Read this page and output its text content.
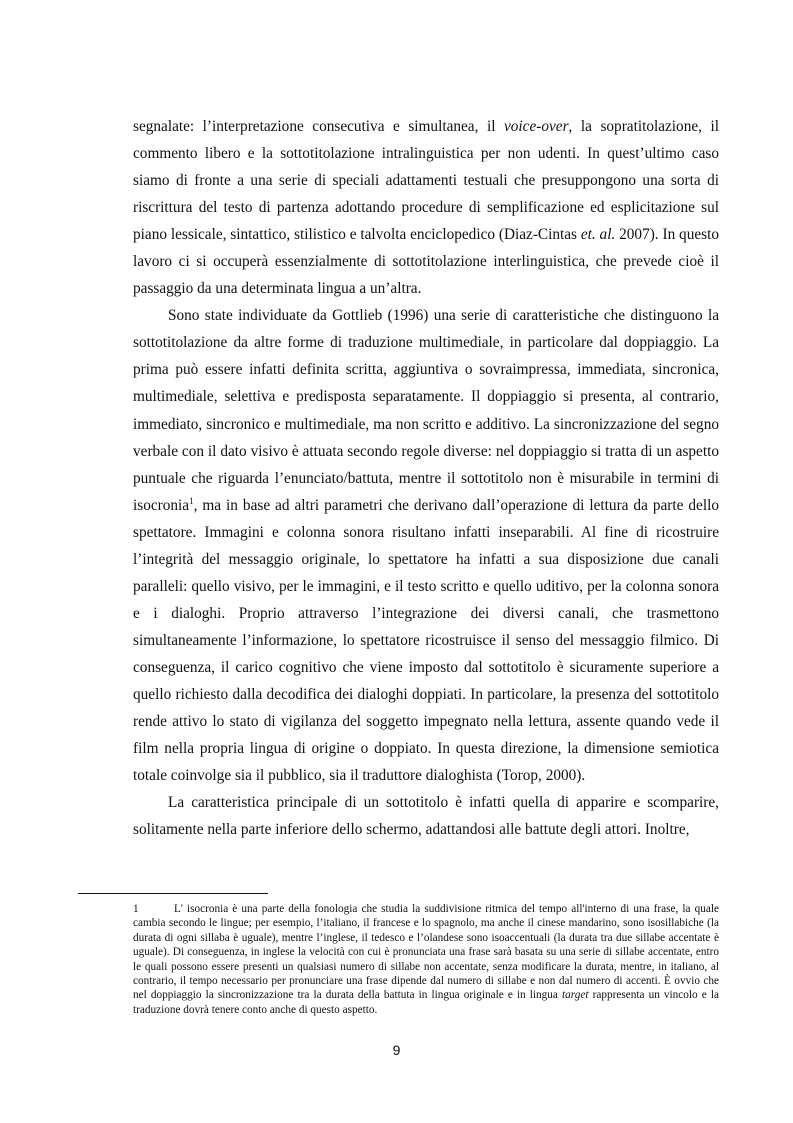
segnalate: l’interpretazione consecutiva e simultanea, il voice-over, la sopratitolazione, il commento libero e la sottotitolazione intralinguistica per non udenti. In quest’ultimo caso siamo di fronte a una serie di speciali adattamenti testuali che presuppongono una sorta di riscrittura del testo di partenza adottando procedure di semplificazione ed esplicitazione sul piano lessicale, sintattico, stilistico e talvolta enciclopedico (Diaz-Cintas et. al. 2007). In questo lavoro ci si occuperà essenzialmente di sottotitolazione interlinguistica, che prevede cioè il passaggio da una determinata lingua a un’altra.

Sono state individuate da Gottlieb (1996) una serie di caratteristiche che distinguono la sottotitolazione da altre forme di traduzione multimediale, in particolare dal doppiaggio. La prima può essere infatti definita scritta, aggiuntiva o sovraimpressa, immediata, sincronica, multimediale, selettiva e predisposta separatamente. Il doppiaggio si presenta, al contrario, immediato, sincronico e multimediale, ma non scritto e additivo. La sincronizzazione del segno verbale con il dato visivo è attuata secondo regole diverse: nel doppiaggio si tratta di un aspetto puntuale che riguarda l’enunciato/battuta, mentre il sottotitolo non è misurabile in termini di isocronia$^1$, ma in base ad altri parametri che derivano dall’operazione di lettura da parte dello spettatore. Immagini e colonna sonora risultano infatti inseparabili. Al fine di ricostruire l’integrità del messaggio originale, lo spettatore ha infatti a sua disposizione due canali paralleli: quello visivo, per le immagini, e il testo scritto e quello uditivo, per la colonna sonora e i dialoghi. Proprio attraverso l’integrazione dei diversi canali, che trasmettono simultaneamente l’informazione, lo spettatore ricostruisce il senso del messaggio filmico. Di conseguenza, il carico cognitivo che viene imposto dal sottotitolo è sicuramente superiore a quello richiesto dalla decodifica dei dialoghi doppiati. In particolare, la presenza del sottotitolo rende attivo lo stato di vigilanza del soggetto impegnato nella lettura, assente quando vede il film nella propria lingua di origine o doppiato. In questa direzione, la dimensione semiotica totale coinvolge sia il pubblico, sia il traduttore dialoghista (Torop, 2000).

La caratteristica principale di un sottotitolo è infatti quella di apparire e scomparire, solitamente nella parte inferiore dello schermo, adattandosi alle battute degli attori. Inoltre,

1	L' isocronia è una parte della fonologia che studia la suddivisione ritmica del tempo all'interno di una frase, la quale cambia secondo le lingue; per esempio, l’italiano, il francese e lo spagnolo, ma anche il cinese mandarino, sono isosillabiche (la durata di ogni sillaba è uguale), mentre l’inglese, il tedesco e l’olandese sono isoaccentuali (la durata tra due sillabe accentate è uguale). Di conseguenza, in inglese la velocità con cui è pronunciata una frase sarà basata su una serie di sillabe accentate, entro le quali possono essere presenti un qualsiasi numero di sillabe non accentate, senza modificare la durata, mentre, in italiano, al contrario, il tempo necessario per pronunciare una frase dipende dal numero di sillabe e non dal numero di accenti. È ovvio che nel doppiaggio la sincronizzazione tra la durata della battuta in lingua originale e in lingua target rappresenta un vincolo e la traduzione dovrà tenere conto anche di questo aspetto.

9
